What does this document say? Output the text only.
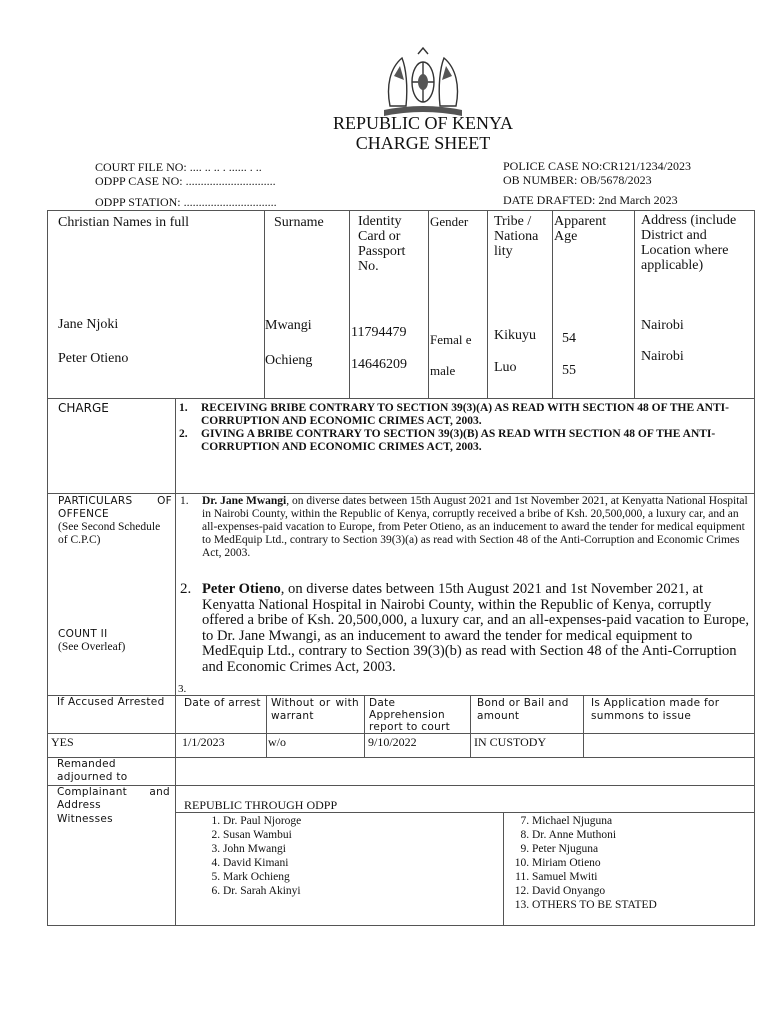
REPUBLIC OF KENYA
CHARGE SHEET
COURT FILE NO: .... .. .. . ...... . ..
ODPP CASE NO: ..............................
ODPP STATION: ...............................
POLICE CASE NO:CR121/1234/2023
OB NUMBER: OB/5678/2023
DATE DRAFTED: 2nd March 2023
Christian Names in full	Surname Identity Card or Passport No.
Gender Tribe / Nationa lity
Apparent Age
Address (include District and Location where applicable)
Jane Njoki	Mwangi	11794479 Femal e Kikuyu 54
Nairobi
Peter Otieno	Ochieng	14646209 male	Luo	55
Nairobi
CHARGE	1. RECEIVING BRIBE CONTRARY TO SECTION 39(3)(A) AS READ WITH SECTION 48 OF THE ANTI-CORRUPTION AND ECONOMIC CRIMES ACT, 2003.
2. GIVING A BRIBE CONTRARY TO SECTION 39(3)(B) AS READ WITH SECTION 48 OF THE ANTI-CORRUPTION AND ECONOMIC CRIMES ACT, 2003.
PARTICULARS OF OFFENCE
(See Second Schedule of C.P.C)
COUNT II
(See Overleaf)
1. Dr. Jane Mwangi, on diverse dates between 15th August 2021 and 1st November 2021, at Kenyatta National Hospital in Nairobi County, within the Republic of Kenya, corruptly received a bribe of Ksh. 20,500,000, a luxury car, and an all-expenses-paid vacation to Europe, from Peter Otieno, as an inducement to award the tender for medical equipment to MedEquip Ltd., contrary to Section 39(3)(a) as read with Section 48 of the Anti-Corruption and Economic Crimes Act, 2003.
2. Peter Otieno, on diverse dates between 15th August 2021 and 1st November 2021, at Kenyatta National Hospital in Nairobi County, within the Republic of Kenya, corruptly offered a bribe of Ksh. 20,500,000, a luxury car, and an all-expenses-paid vacation to Europe, to Dr. Jane Mwangi, as an inducement to award the tender for medical equipment to MedEquip Ltd., contrary to Section 39(3)(b) as read with Section 48 of the Anti-Corruption and Economic Crimes Act, 2003.
3.
If Accused Arrested	Date of arrest Without or with warrant
Date Apprehension report to court
Bond or Bail and amount
Is Application made for summons to issue
YES	1/1/2023	w/o	9/10/2022	IN CUSTODY
Remanded adjourned to
Complainant and Address	REPUBLIC THROUGH ODPP
Witnesses
1.	Dr. Paul Njoroge
2. Susan Wambui
3. John Mwangi
4. David Kimani
5. Mark Ochieng
6. Dr. Sarah Akinyi
7. Michael Njuguna
8. Dr. Anne Muthoni
9. Peter Njuguna
10. Miriam Otieno
11. Samuel Mwiti
12. David Onyango
13. OTHERS TO BE STATED
